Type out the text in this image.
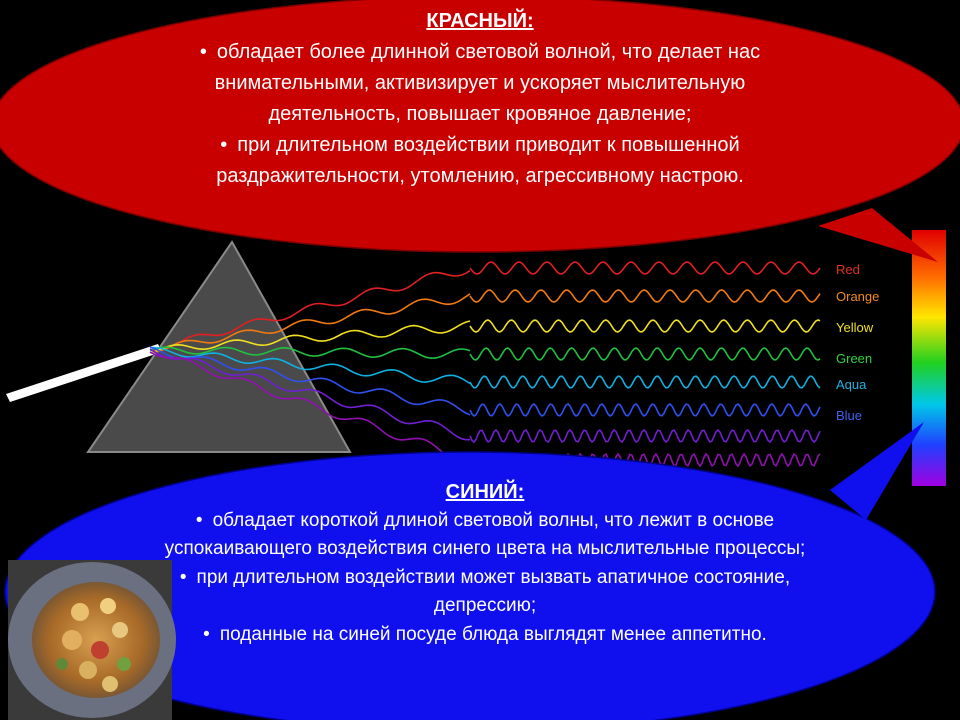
Red
Orange
Yellow
Green
Aqua
Blue
КРАСНЫЙ:
• обладает более длинной световой волной, что делает нас внимательными, активизирует и ускоряет мыслительную деятельность, повышает кровяное давление;
• при длительном воздействии приводит к повышенной раздражительности, утомлению, агрессивному настрою.
СИНИЙ:
• обладает короткой длиной световой волны, что лежит в основе успокаивающего воздействия синего цвета на мыслительные процессы;
• при длительном воздействии может вызвать апатичное состояние, депрессию;
• поданные на синей посуде блюда выглядят менее аппетитно.
